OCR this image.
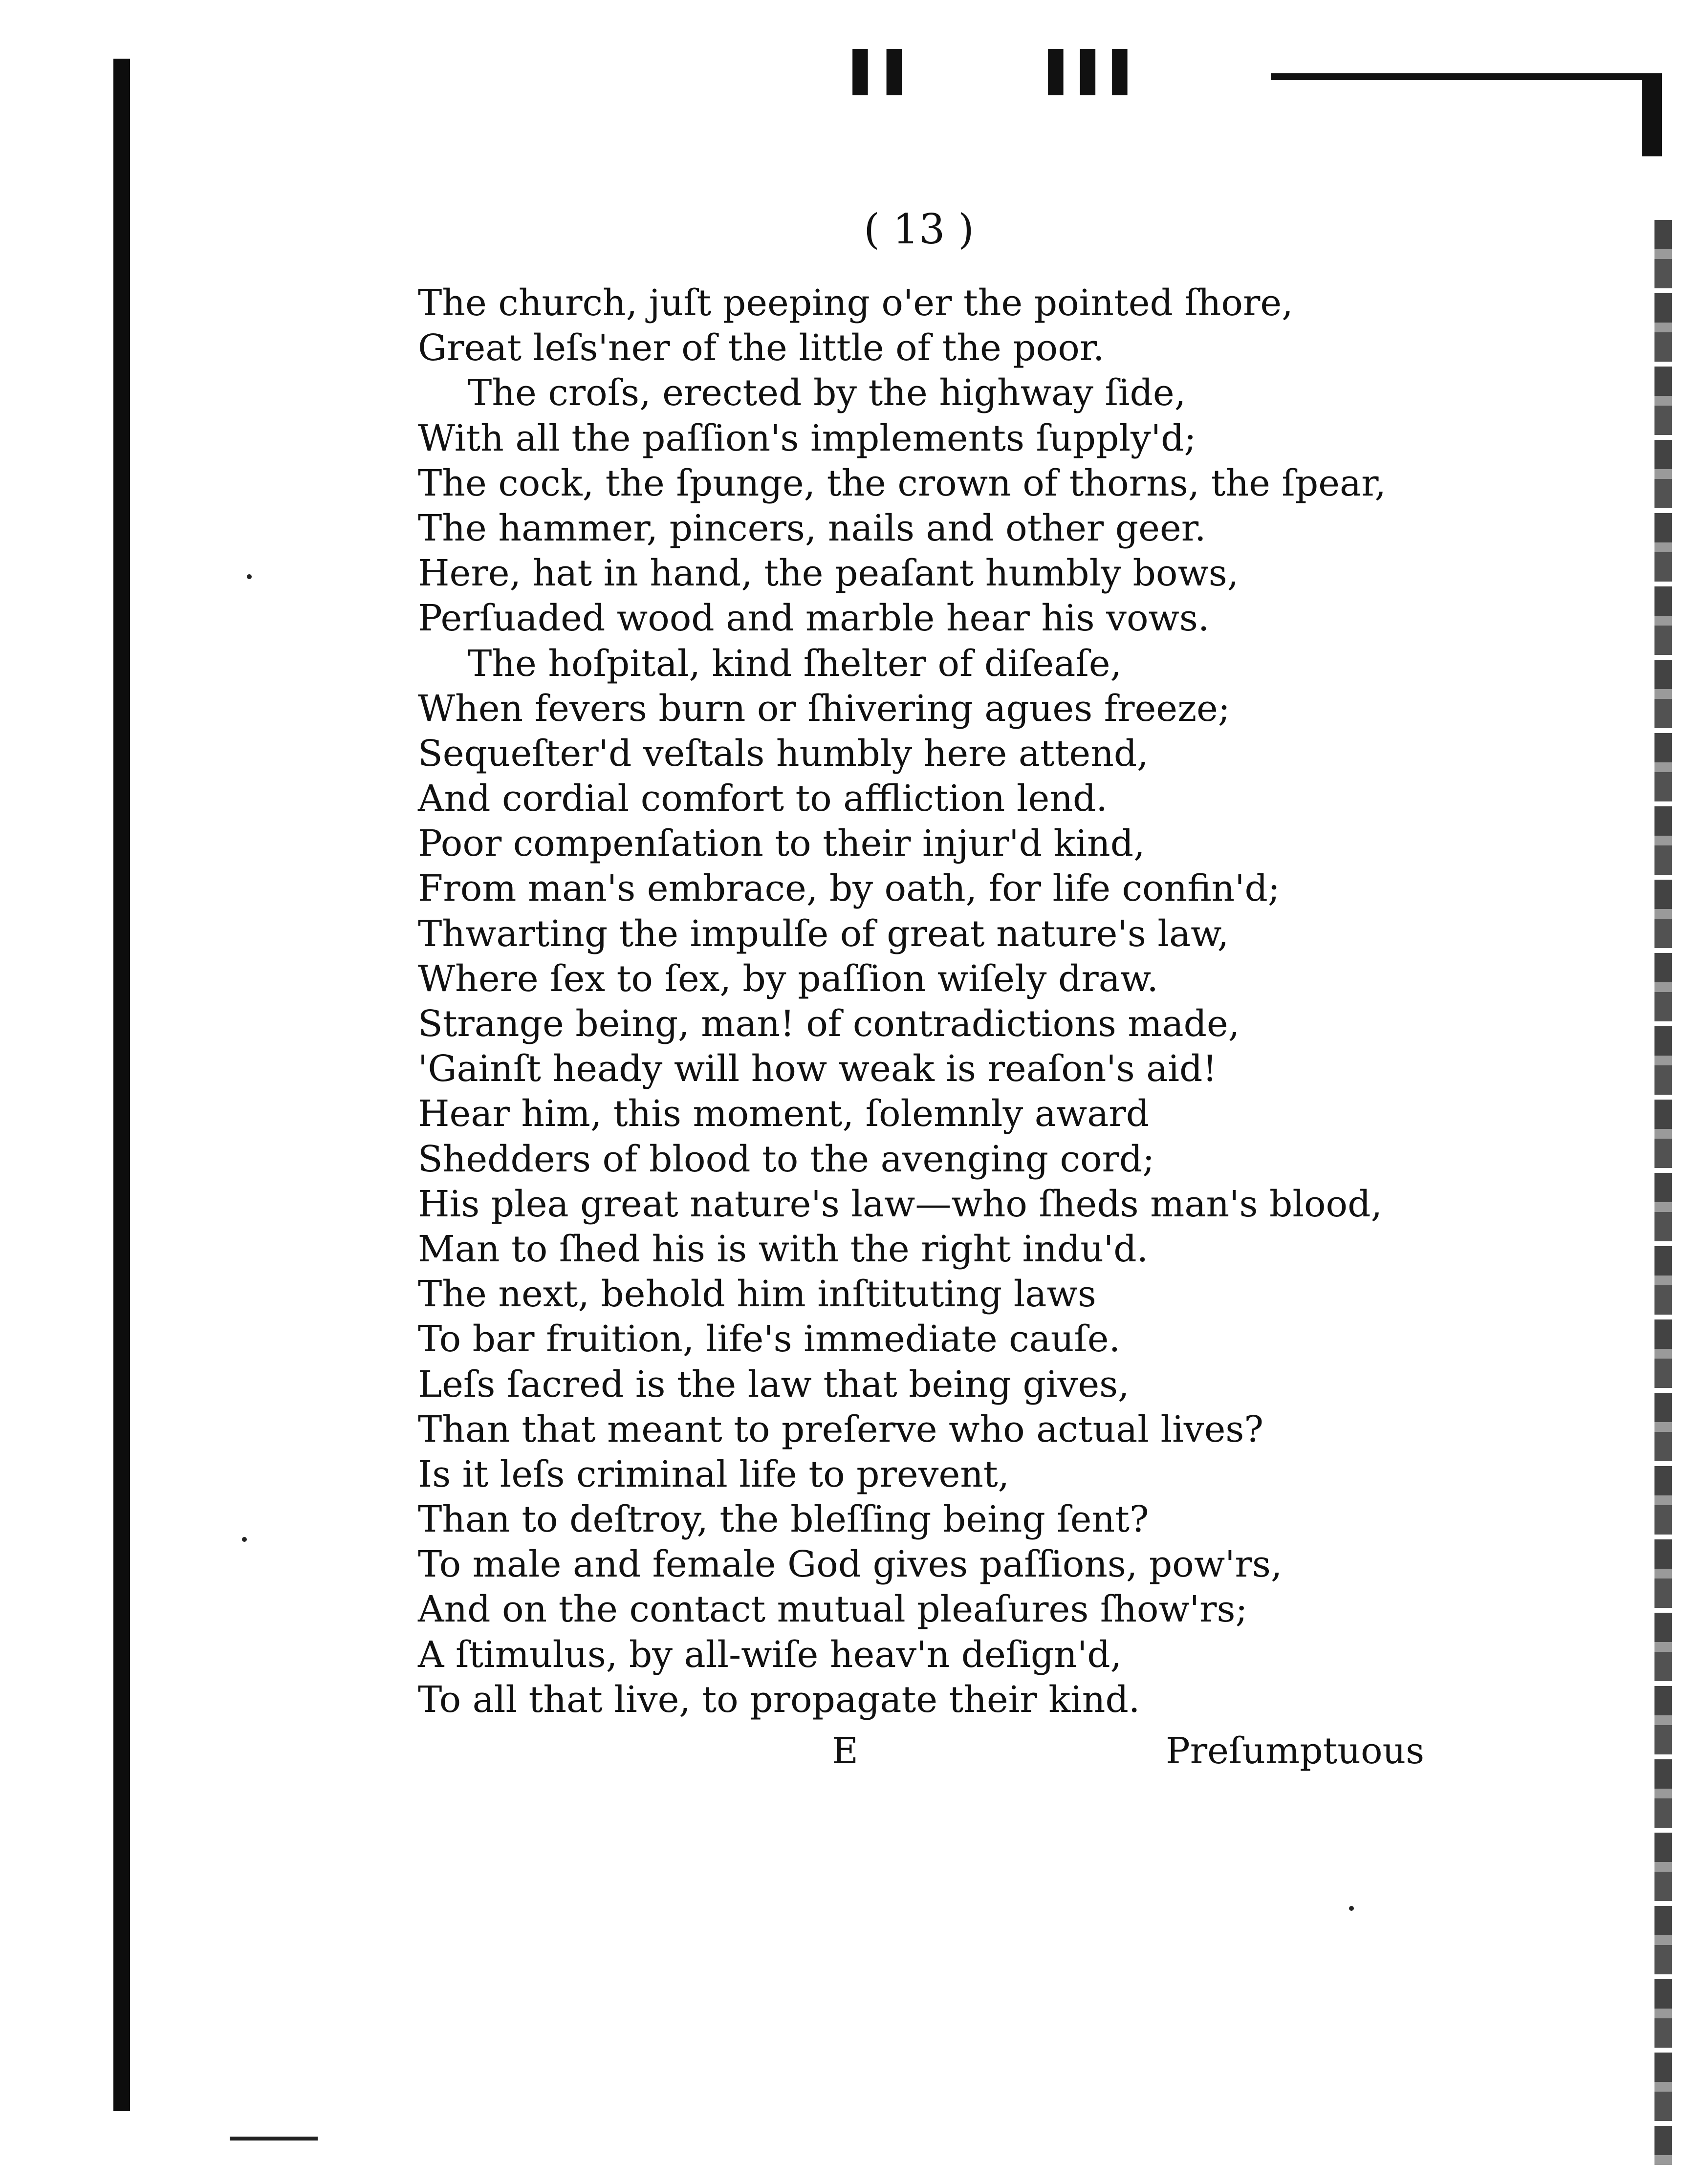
▌▌	▌▌▌
( 13 )
The church, juſt peeping o'er the pointed ſhore,
Great leſs'ner of the little of the poor.
The croſs, erected by the highway ſide,
With all the paſſion's implements ſupply'd;
The cock, the ſpunge, the crown of thorns, the ſpear,
The hammer, pincers, nails and other geer.
Here, hat in hand, the peaſant humbly bows,
Perſuaded wood and marble hear his vows.
The hoſpital, kind ſhelter of diſeaſe,
When fevers burn or ſhivering agues freeze;
Sequeſter'd veſtals humbly here attend,
And cordial comfort to affliction lend.
Poor compenſation to their injur'd kind,
From man's embrace, by oath, for life confin'd;
Thwarting the impulſe of great nature's law,
Where ſex to ſex, by paſſion wiſely draw.
Strange being, man! of contradictions made,
'Gainſt heady will how weak is reaſon's aid!
Hear him, this moment, ſolemnly award
Shedders of blood to the avenging cord;
His plea great nature's law—who ſheds man's blood,
Man to ſhed his is with the right indu'd.
The next, behold him inſtituting laws
To bar fruition, life's immediate cauſe.
Leſs ſacred is the law that being gives,
Than that meant to preſerve who actual lives?
Is it leſs criminal life to prevent,
Than to deſtroy, the bleſſing being ſent?
To male and female God gives paſſions, pow'rs,
And on the contact mutual pleaſures ſhow'rs;
A ſtimulus, by all-wiſe heav'n deſign'd,
To all that live, to propagate their kind.
E	Preſumptuous
